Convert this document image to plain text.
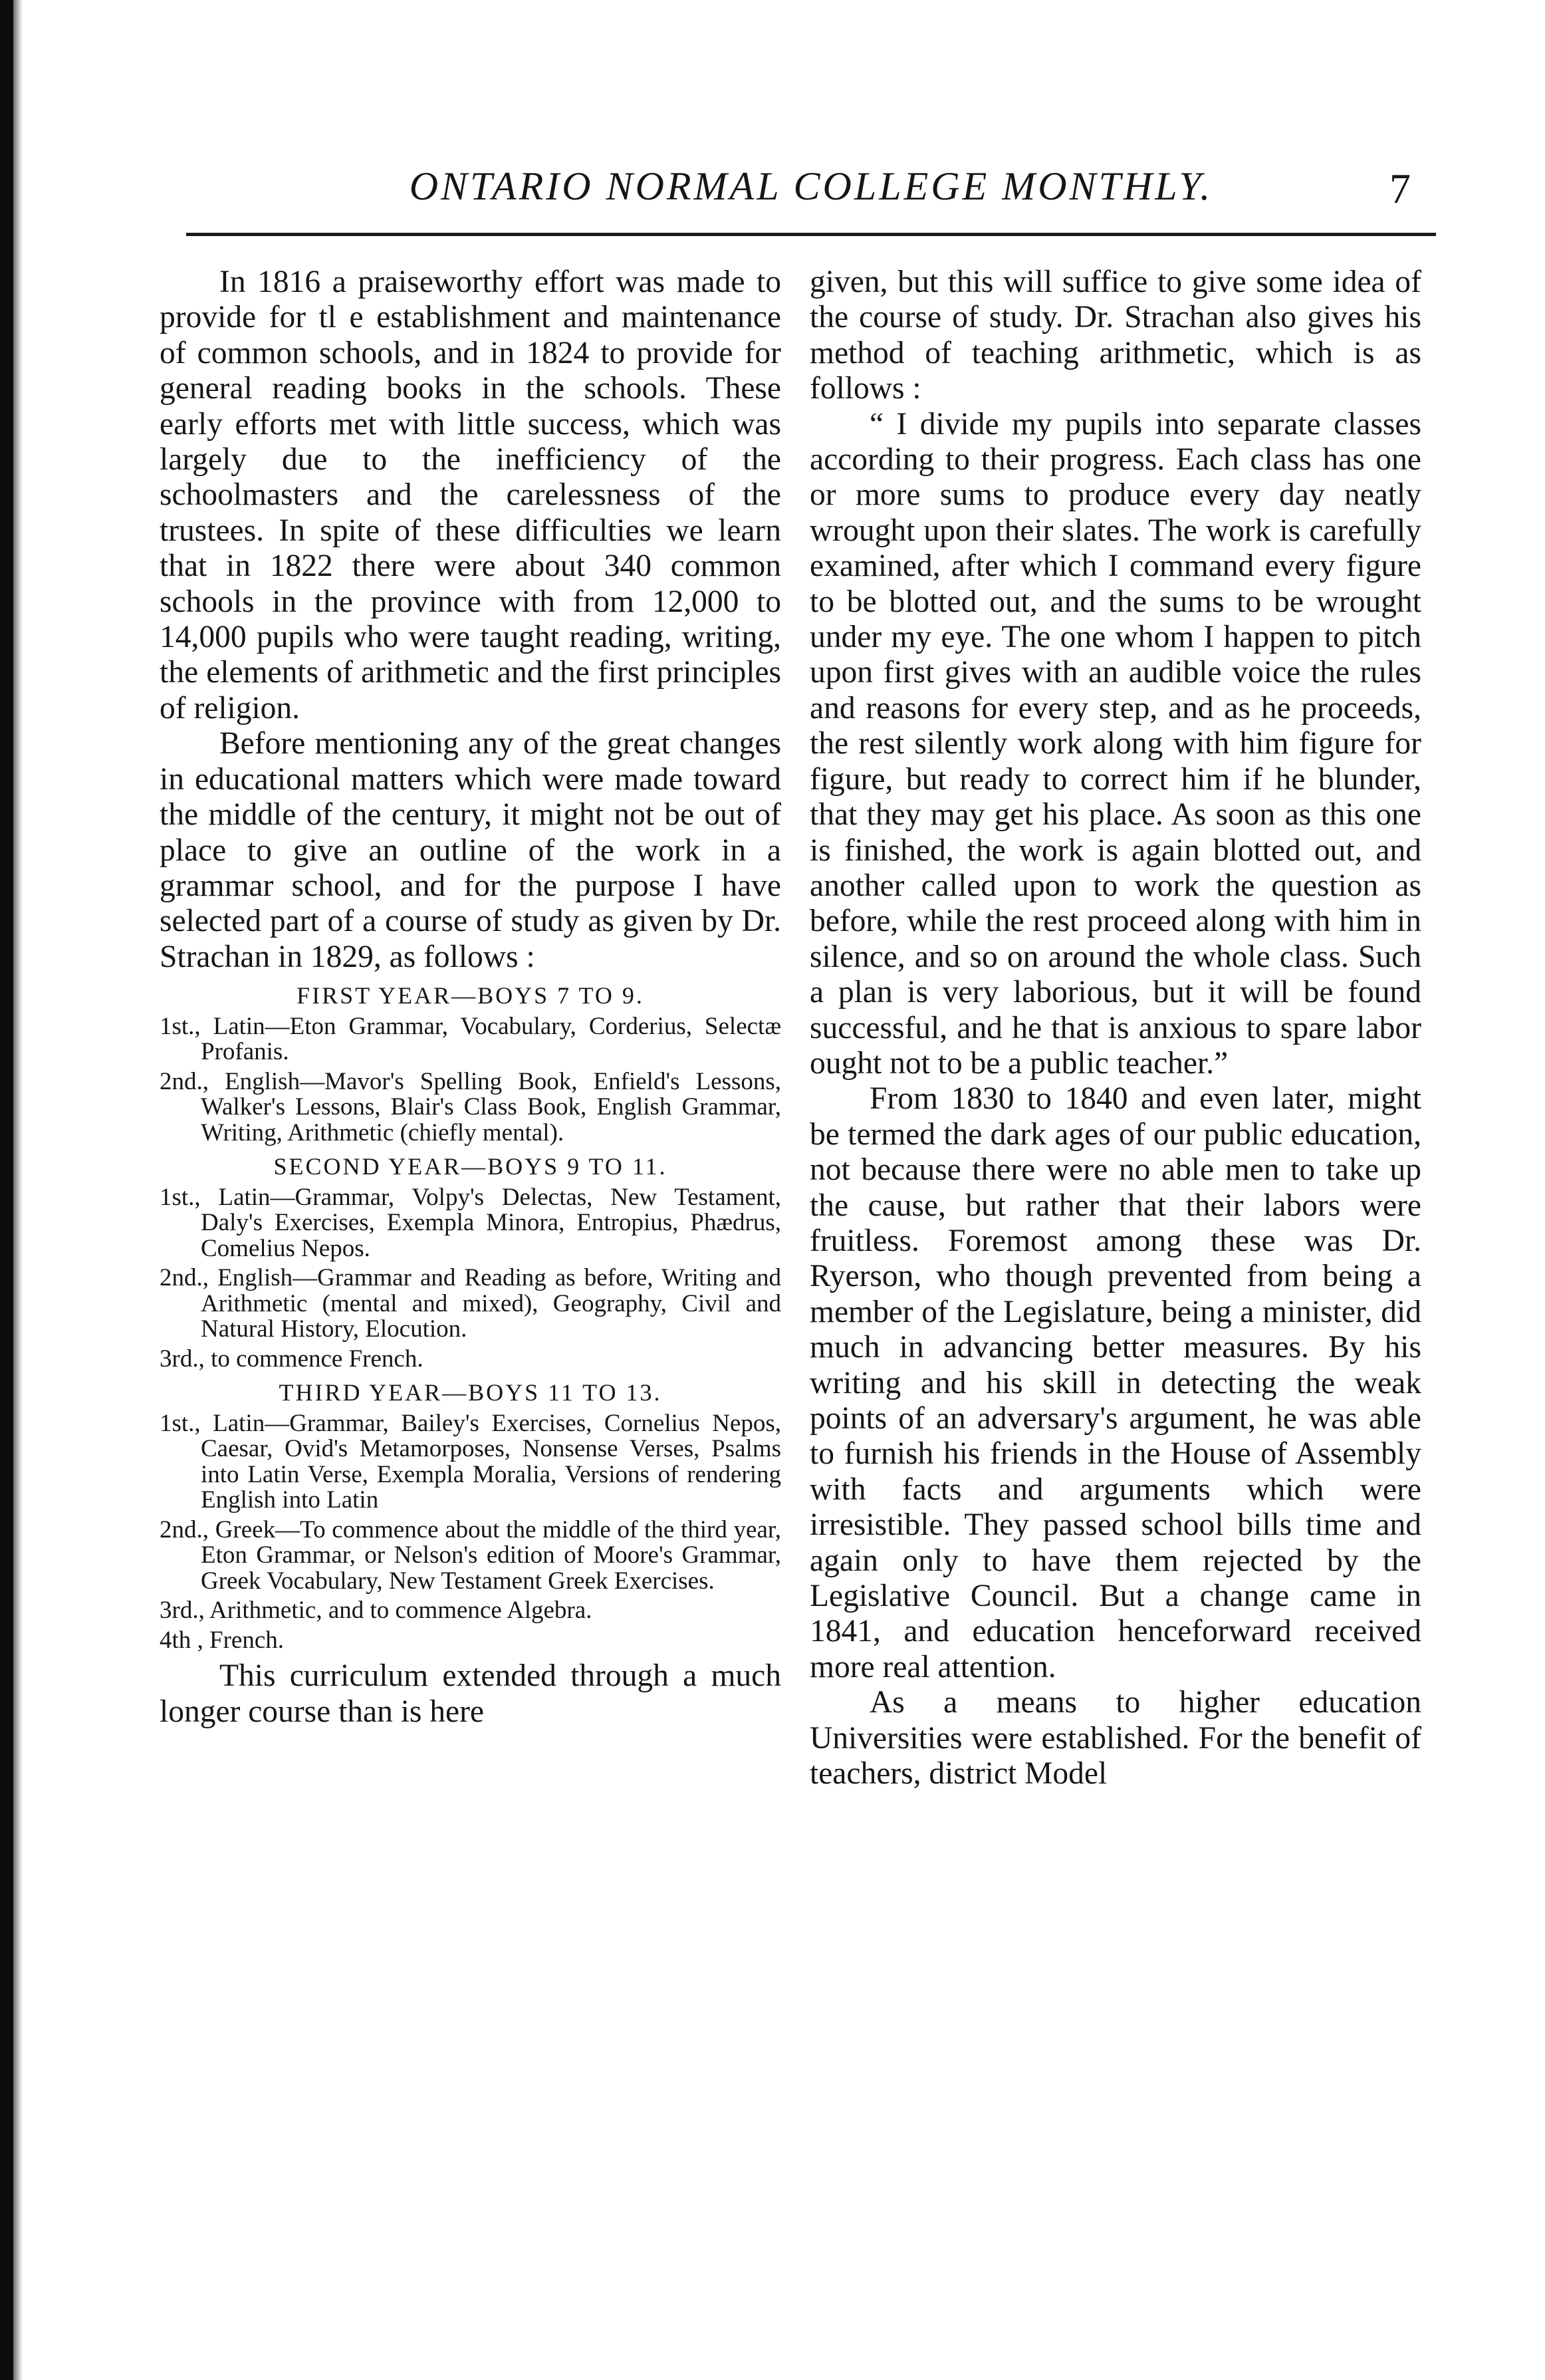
ONTARIO NORMAL COLLEGE MONTHLY.	7

In 1816 a praiseworthy effort was made to provide for tl e establishment and maintenance of common schools, and in 1824 to provide for general reading books in the schools. These early efforts met with little success, which was largely due to the inefficiency of the schoolmasters and the carelessness of the trustees. In spite of these difficulties we learn that in 1822 there were about 340 common schools in the province with from 12,000 to 14,000 pupils who were taught reading, writing, the elements of arithmetic and the first principles of religion.

Before mentioning any of the great changes in educational matters which were made toward the middle of the century, it might not be out of place to give an outline of the work in a grammar school, and for the purpose I have selected part of a course of study as given by Dr. Strachan in 1829, as follows :

FIRST YEAR—BOYS 7 TO 9.
1st., Latin—Eton Grammar, Vocabulary, Corderius, Selectæ Profanis.
2nd., English—Mavor's Spelling Book, Enfield's Lessons, Walker's Lessons, Blair's Class Book, English Grammar, Writing, Arithmetic (chiefly mental).
SECOND YEAR—BOYS 9 TO 11.
1st., Latin—Grammar, Volpy's Delectas, New Testament, Daly's Exercises, Exempla Minora, Entropius, Phædrus, Comelius Nepos.
2nd., English—Grammar and Reading as before, Writing and Arithmetic (mental and mixed), Geography, Civil and Natural History, Elocution.
3rd., to commence French.
THIRD YEAR—BOYS 11 TO 13.
1st., Latin—Grammar, Bailey's Exercises, Cornelius Nepos, Caesar, Ovid's Metamorposes, Nonsense Verses, Psalms into Latin Verse, Exempla Moralia, Versions of rendering English into Latin
2nd., Greek—To commence about the middle of the third year, Eton Grammar, or Nelson's edition of Moore's Grammar, Greek Vocabulary, New Testament Greek Exercises.
3rd., Arithmetic, and to commence Algebra.
4th , French.

This curriculum extended through a much longer course than is here

given, but this will suffice to give some idea of the course of study. Dr. Strachan also gives his method of teaching arithmetic, which is as follows :

“ I divide my pupils into separate classes according to their progress. Each class has one or more sums to produce every day neatly wrought upon their slates. The work is carefully examined, after which I command every figure to be blotted out, and the sums to be wrought under my eye. The one whom I happen to pitch upon first gives with an audible voice the rules and reasons for every step, and as he proceeds, the rest silently work along with him figure for figure, but ready to correct him if he blunder, that they may get his place. As soon as this one is finished, the work is again blotted out, and another called upon to work the question as before, while the rest proceed along with him in silence, and so on around the whole class. Such a plan is very laborious, but it will be found successful, and he that is anxious to spare labor ought not to be a public teacher.”

From 1830 to 1840 and even later, might be termed the dark ages of our public education, not because there were no able men to take up the cause, but rather that their labors were fruitless. Foremost among these was Dr. Ryerson, who though prevented from being a member of the Legislature, being a minister, did much in advancing better measures. By his writing and his skill in detecting the weak points of an adversary's argument, he was able to furnish his friends in the House of Assembly with facts and arguments which were irresistible. They passed school bills time and again only to have them rejected by the Legislative Council. But a change came in 1841, and education henceforward received more real attention.

As a means to higher education Universities were established. For the benefit of teachers, district Model
